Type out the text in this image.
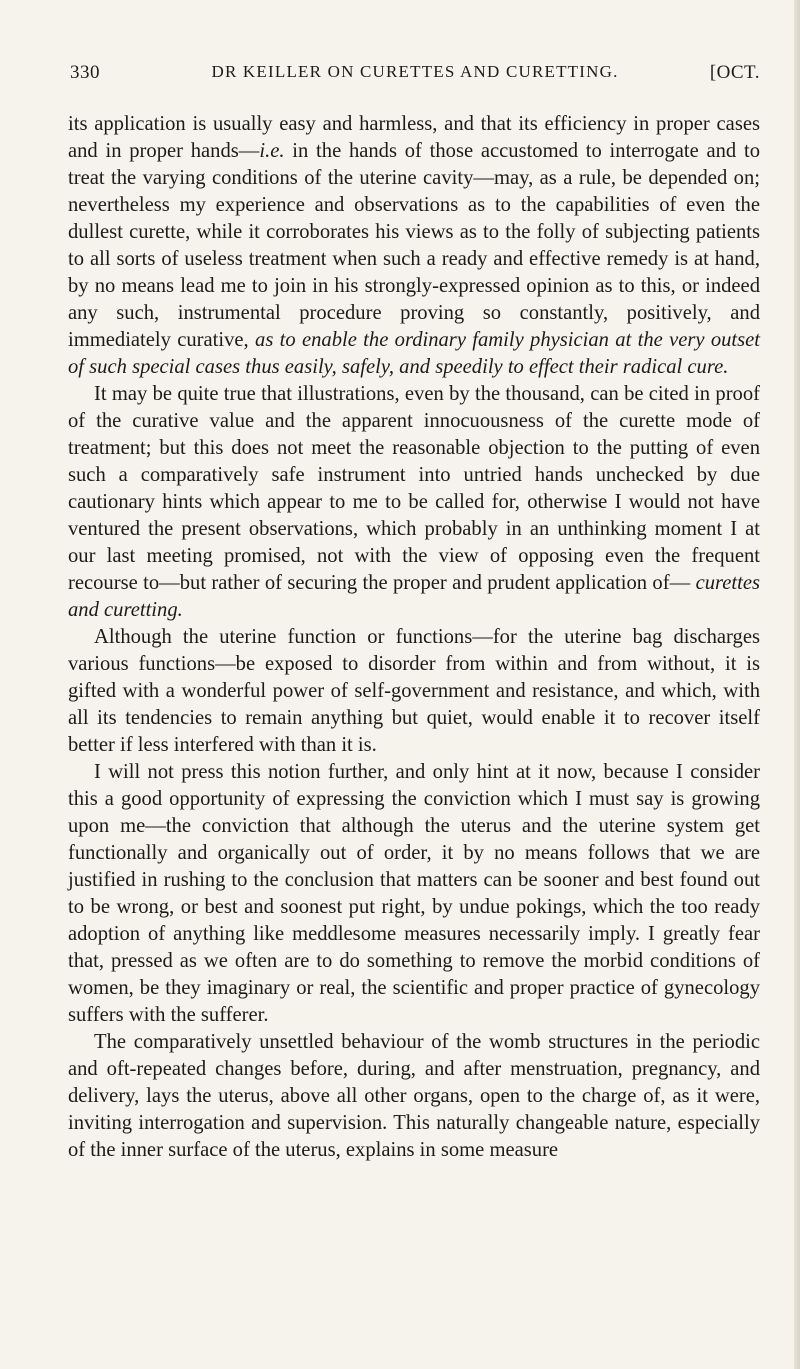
330	DR KEILLER ON CURETTES AND CURETTING.	[OCT.

its application is usually easy and harmless, and that its efficiency in proper cases and in proper hands—i.e. in the hands of those accustomed to interrogate and to treat the varying conditions of the uterine cavity—may, as a rule, be depended on; nevertheless my experience and observations as to the capabilities of even the dullest curette, while it corroborates his views as to the folly of subjecting patients to all sorts of useless treatment when such a ready and effective remedy is at hand, by no means lead me to join in his strongly-expressed opinion as to this, or indeed any such, instrumental procedure proving so constantly, positively, and immediately curative, as to enable the ordinary family physician at the very outset of such special cases thus easily, safely, and speedily to effect their radical cure.

It may be quite true that illustrations, even by the thousand, can be cited in proof of the curative value and the apparent innocuousness of the curette mode of treatment; but this does not meet the reasonable objection to the putting of even such a comparatively safe instrument into untried hands unchecked by due cautionary hints which appear to me to be called for, otherwise I would not have ventured the present observations, which probably in an unthinking moment I at our last meeting promised, not with the view of opposing even the frequent recourse to—but rather of securing the proper and prudent application of— curettes and curetting.

Although the uterine function or functions—for the uterine bag discharges various functions—be exposed to disorder from within and from without, it is gifted with a wonderful power of self-government and resistance, and which, with all its tendencies to remain anything but quiet, would enable it to recover itself better if less interfered with than it is.

I will not press this notion further, and only hint at it now, because I consider this a good opportunity of expressing the conviction which I must say is growing upon me—the conviction that although the uterus and the uterine system get functionally and organically out of order, it by no means follows that we are justified in rushing to the conclusion that matters can be sooner and best found out to be wrong, or best and soonest put right, by undue pokings, which the too ready adoption of anything like meddlesome measures necessarily imply. I greatly fear that, pressed as we often are to do something to remove the morbid conditions of women, be they imaginary or real, the scientific and proper practice of gynecology suffers with the sufferer.

The comparatively unsettled behaviour of the womb structures in the periodic and oft-repeated changes before, during, and after menstruation, pregnancy, and delivery, lays the uterus, above all other organs, open to the charge of, as it were, inviting interrogation and supervision. This naturally changeable nature, especially of the inner surface of the uterus, explains in some measure
